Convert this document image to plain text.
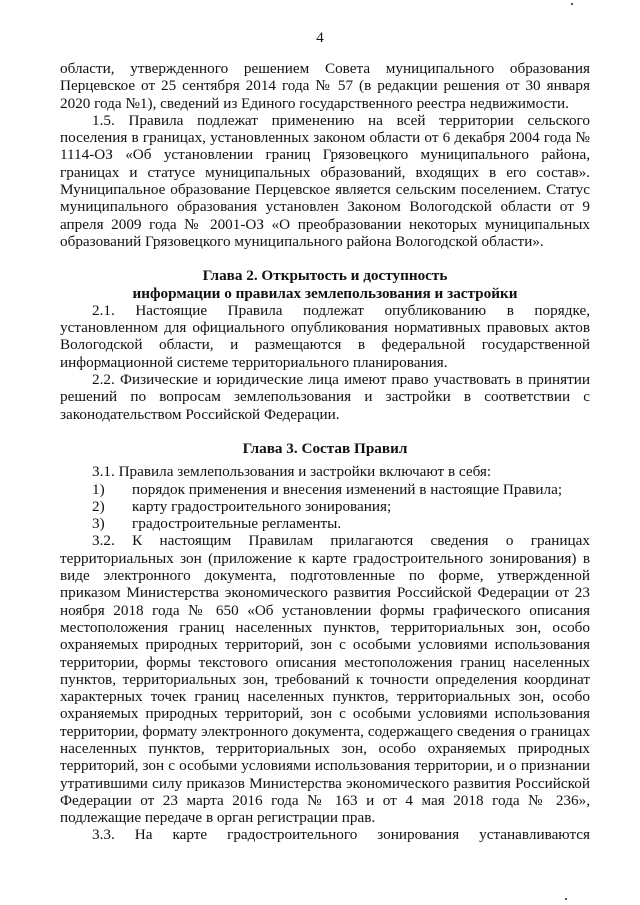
4

области, утвержденного решением Совета муниципального образования Перцевское от 25 сентября 2014 года № 57 (в редакции решения от 30 января 2020 года №1), сведений из Единого государственного реестра недвижимости.

1.5. Правила подлежат применению на всей территории сельского поселения в границах, установленных законом области от 6 декабря 2004 года № 1114-ОЗ «Об установлении границ Грязовецкого муниципального района, границах и статусе муниципальных образований, входящих в его состав». Муниципальное образование Перцевское является сельским поселением. Статус муниципального образования установлен Законом Вологодской области от 9 апреля 2009 года № 2001-ОЗ «О преобразовании некоторых муниципальных образований Грязовецкого муниципального района Вологодской области».

Глава 2. Открытость и доступность

информации о правилах землепользования и застройки

2.1. Настоящие Правила подлежат опубликованию в порядке, установленном для официального опубликования нормативных правовых актов Вологодской области, и размещаются в федеральной государственной информационной системе территориального планирования.

2.2. Физические и юридические лица имеют право участвовать в принятии решений по вопросам землепользования и застройки в соответствии с законодательством Российской Федерации.

Глава 3. Состав Правил

3.1. Правила землепользования и застройки включают в себя:

1)	порядок применения и внесения изменений в настоящие Правила;
2)	карту градостроительного зонирования;
3)	градостроительные регламенты.

3.2. К настоящим Правилам прилагаются сведения о границах территориальных зон (приложение к карте градостроительного зонирования) в виде электронного документа, подготовленные по форме, утвержденной приказом Министерства экономического развития Российской Федерации от 23 ноября 2018 года № 650 «Об установлении формы графического описания местоположения границ населенных пунктов, территориальных зон, особо охраняемых природных территорий, зон с особыми условиями использования территории, формы текстового описания местоположения границ населенных пунктов, территориальных зон, требований к точности определения координат характерных точек границ населенных пунктов, территориальных зон, особо охраняемых природных территорий, зон с особыми условиями использования территории, формату электронного документа, содержащего сведения о границах населенных пунктов, территориальных зон, особо охраняемых природных территорий, зон с особыми условиями использования территории, и о признании утратившими силу приказов Министерства экономического развития Российской Федерации от 23 марта 2016 года № 163 и от 4 мая 2018 года № 236», подлежащие передаче в орган регистрации прав.

3.3. На карте градостроительного зонирования устанавливаются
